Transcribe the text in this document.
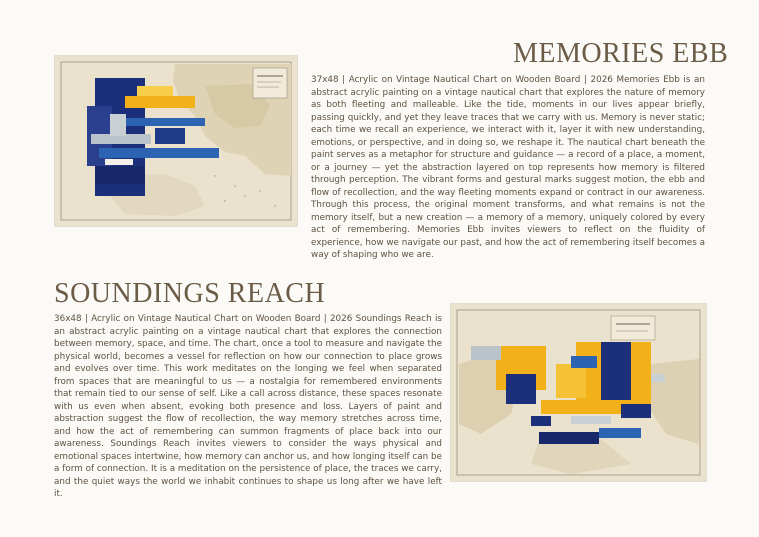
MEMORIES EBB

37x48 | Acrylic on Vintage Nautical Chart on Wooden Board | 2026 Memories Ebb is an abstract acrylic painting on a vintage nautical chart that explores the nature of memory as both fleeting and malleable. Like the tide, moments in our lives appear briefly, passing quickly, and yet they leave traces that we carry with us. Memory is never static; each time we recall an experience, we interact with it, layer it with new understanding, emotions, or perspective, and in doing so, we reshape it. The nautical chart beneath the paint serves as a metaphor for structure and guidance — a record of a place, a moment, or a journey — yet the abstraction layered on top represents how memory is filtered through perception. The vibrant forms and gestural marks suggest motion, the ebb and flow of recollection, and the way fleeting moments expand or contract in our awareness. Through this process, the original moment transforms, and what remains is not the memory itself, but a new creation — a memory of a memory, uniquely colored by every act of remembering. Memories Ebb invites viewers to reflect on the fluidity of experience, how we navigate our past, and how the act of remembering itself becomes a way of shaping who we are.

SOUNDINGS REACH

36x48 | Acrylic on Vintage Nautical Chart on Wooden Board | 2026 Soundings Reach is an abstract acrylic painting on a vintage nautical chart that explores the connection between memory, space, and time. The chart, once a tool to measure and navigate the physical world, becomes a vessel for reflection on how our connection to place grows and evolves over time. This work meditates on the longing we feel when separated from spaces that are meaningful to us — a nostalgia for remembered environments that remain tied to our sense of self. Like a call across distance, these spaces resonate with us even when absent, evoking both presence and loss. Layers of paint and abstraction suggest the flow of recollection, the way memory stretches across time, and how the act of remembering can summon fragments of place back into our awareness. Soundings Reach invites viewers to consider the ways physical and emotional spaces intertwine, how memory can anchor us, and how longing itself can be a form of connection. It is a meditation on the persistence of place, the traces we carry, and the quiet ways the world we inhabit continues to shape us long after we have left it.
